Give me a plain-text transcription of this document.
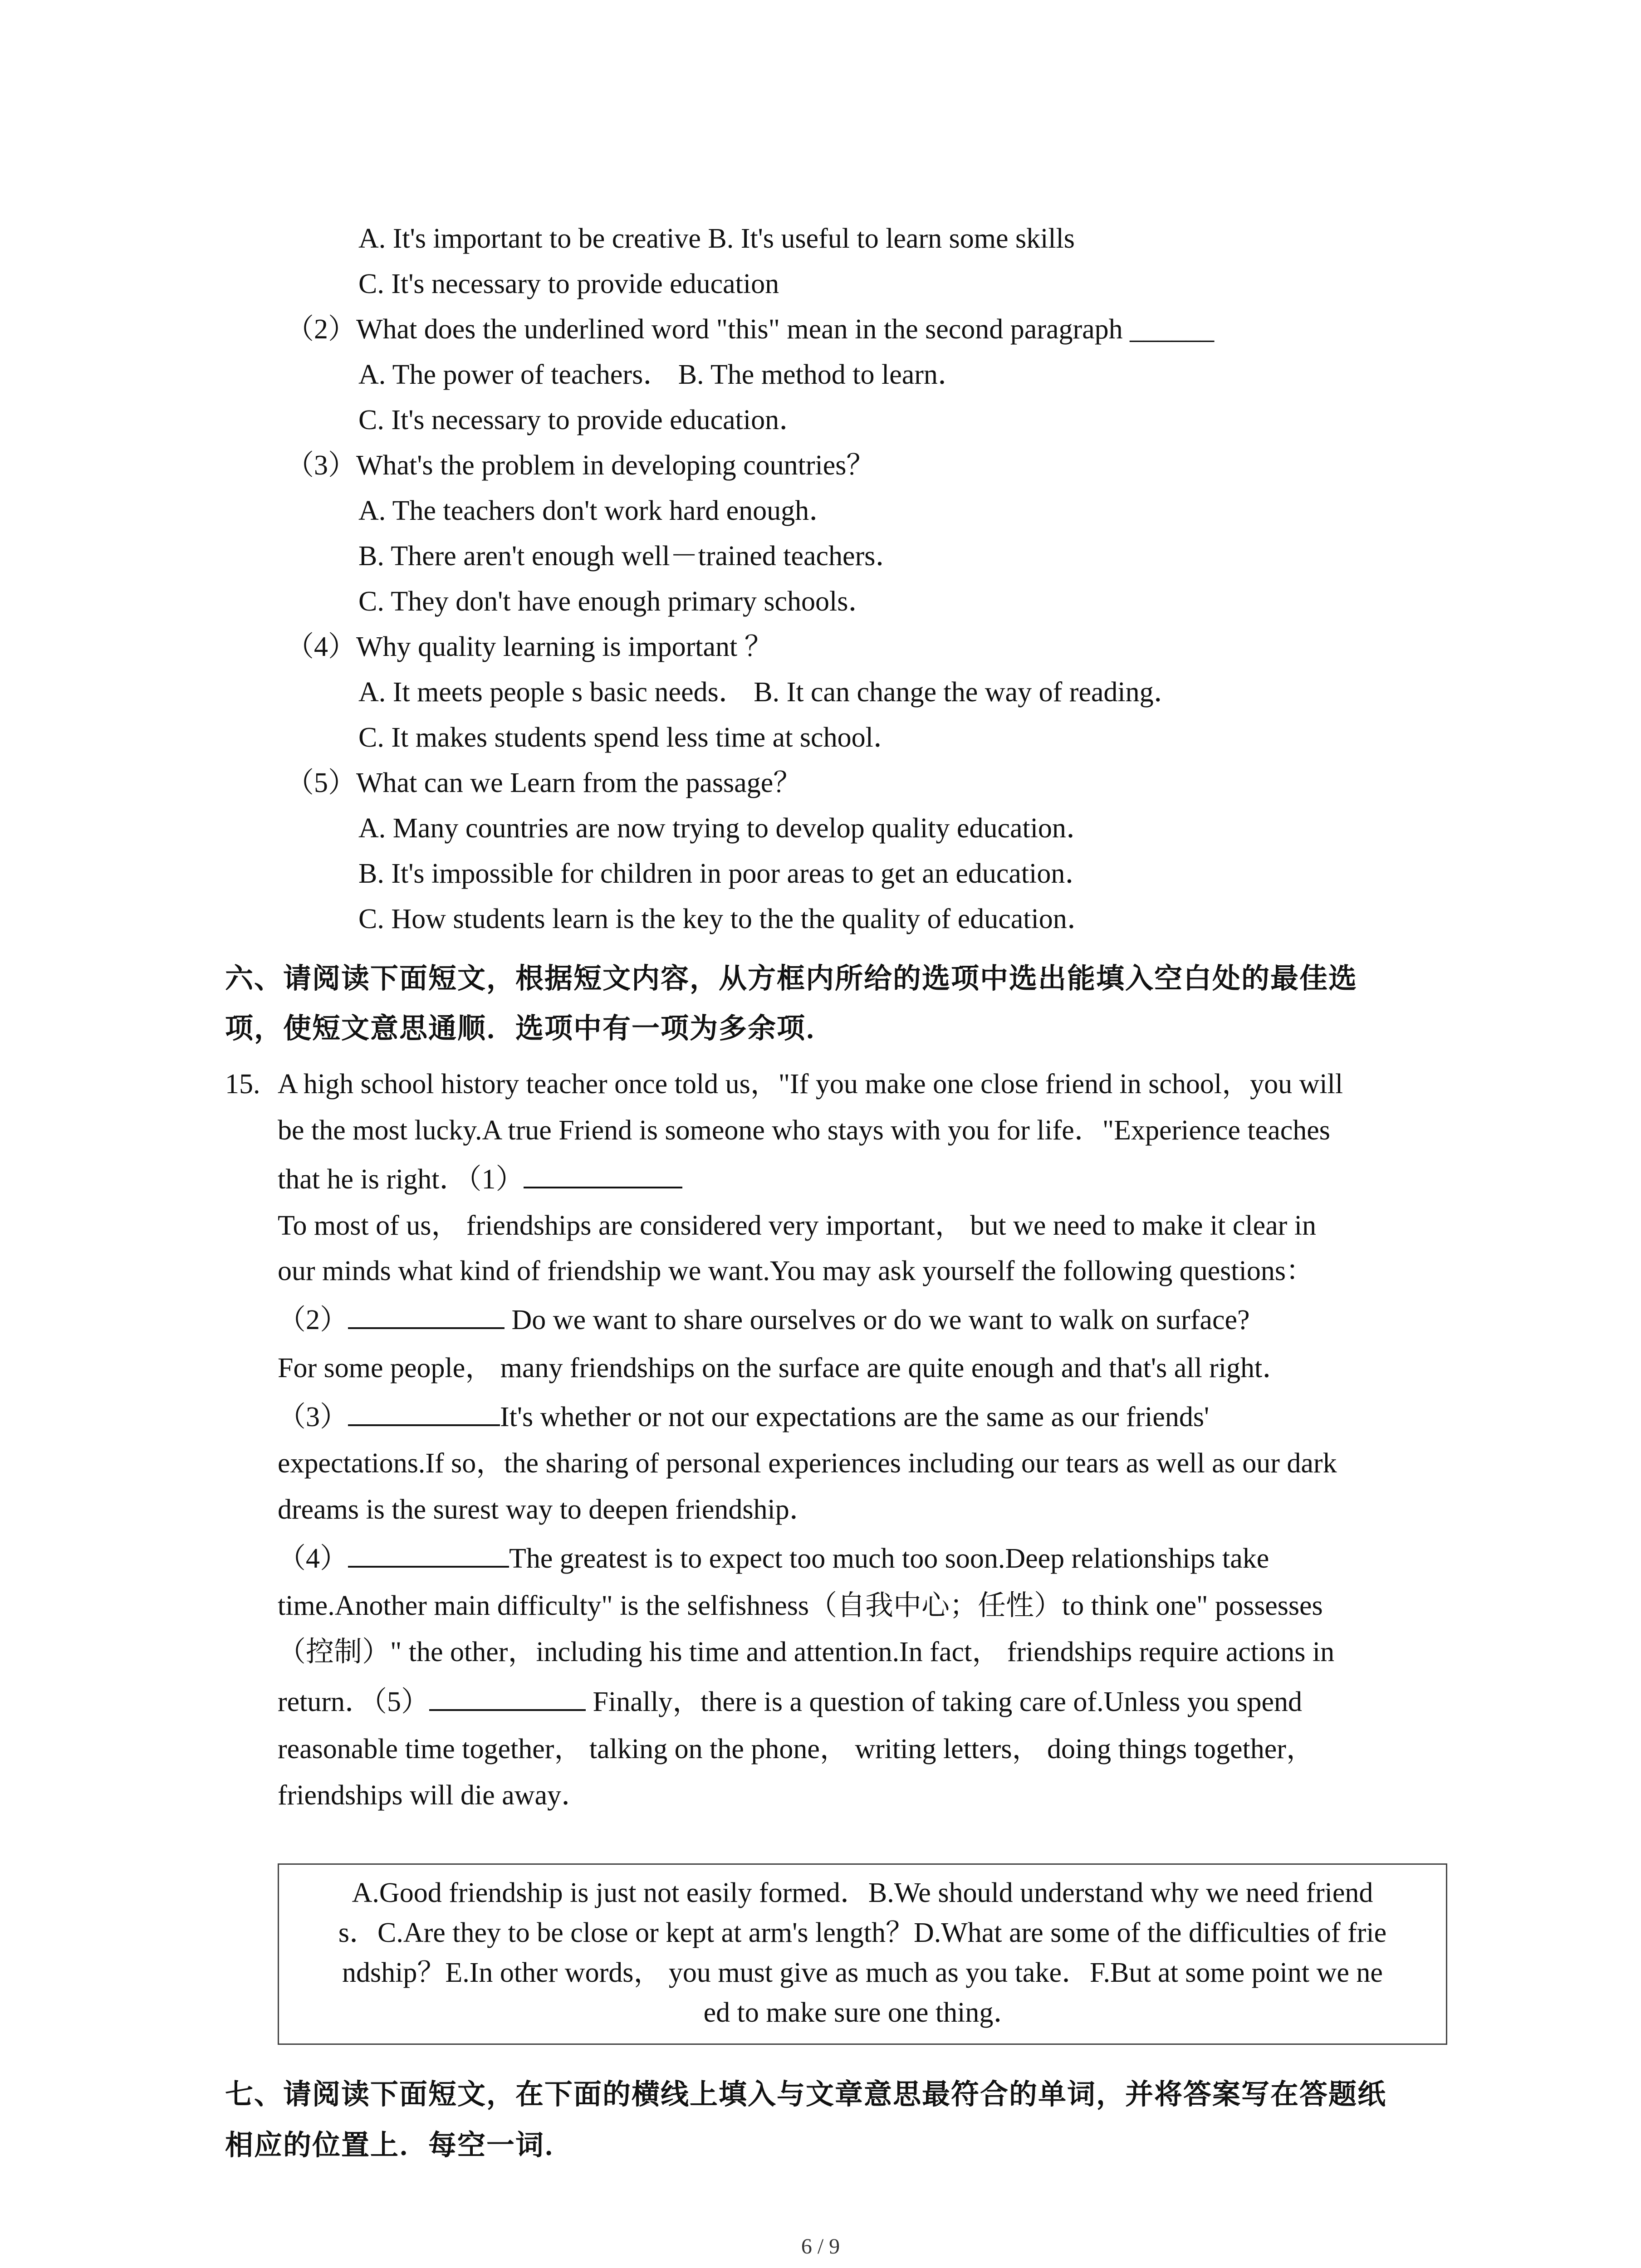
A. It's important to be creative B. It's useful to learn some skills
C. It's necessary to provide education
（2）What does the underlined word "this" mean in the second paragraph ______
A. The power of teachers． B. The method to learn．
C. It's necessary to provide education．
（3）What's the problem in developing countries？
A. The teachers don't work hard enough．
B. There aren't enough well－trained teachers．
C. They don't have enough primary schools．
（4）Why quality learning is important ？
A. It meets people s basic needs． B. It can change the way of reading．
C. It makes students spend less time at school．
（5）What can we Learn from the passage？
A. Many countries are now trying to develop quality education．
B. It's impossible for children in poor areas to get an education．
C. How students learn is the key to the the quality of education．
六、请阅读下面短文，根据短文内容，从方框内所给的选项中选出能填入空白处的最佳选
项，使短文意思通顺．选项中有一项为多余项．
15. A high school history teacher once told us，"If you make one close friend in school，you will
be the most lucky.A true Friend is someone who stays with you for life．"Experience teaches
that he is right．（1）
To most of us， friendships are considered very important， but we need to make it clear in
our minds what kind of friendship we want.You may ask yourself the following questions：
（2）	Do we want to share ourselves or do we want to walk on surface?
For some people， many friendships on the surface are quite enough and that's all right．
（3）	It's whether or not our expectations are the same as our friends'
expectations.If so，the sharing of personal experiences including our tears as well as our dark
dreams is the surest way to deepen friendship．
（4）	The greatest is to expect too much too soon.Deep relationships take
time.Another main difficulty" is the selfishness（自我中心；任性）to think one" possesses
（控制）" the other，including his time and attention.In fact， friendships require actions in
return．（5）	Finally，there is a question of taking care of.Unless you spend
reasonable time together， talking on the phone， writing letters， doing things together，
friendships will die away．
A.Good friendship is just not easily formed．B.We should understand why we need friend
s．C.Are they to be close or kept at arm's length？D.What are some of the difficulties of frie
ndship？E.In other words， you must give as much as you take．F.But at some point we ne
ed to make sure one thing．
七、请阅读下面短文，在下面的横线上填入与文章意思最符合的单词，并将答案写在答题纸
相应的位置上．每空一词．
6 / 9
